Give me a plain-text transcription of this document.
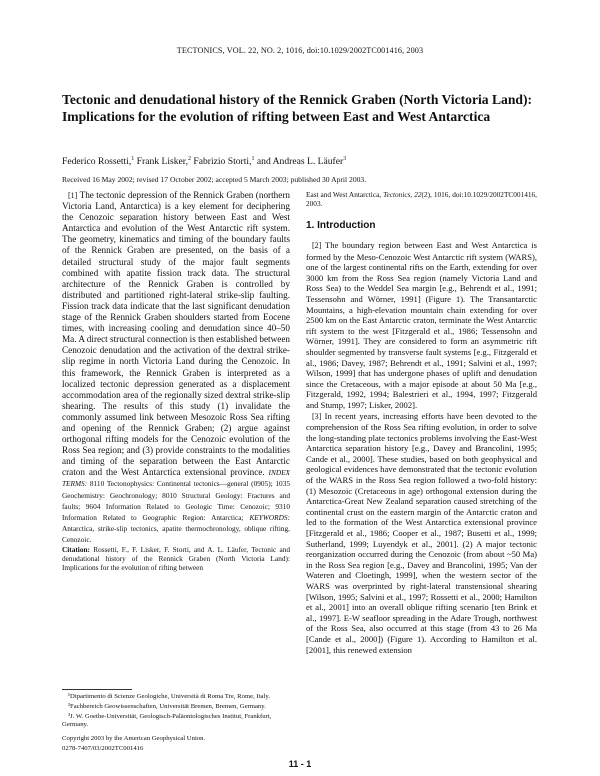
TECTONICS, VOL. 22, NO. 2, 1016, doi:10.1029/2002TC001416, 2003
Tectonic and denudational history of the Rennick Graben (North Victoria Land): Implications for the evolution of rifting between East and West Antarctica
Federico Rossetti,$^1$ Frank Lisker,$^2$ Fabrizio Storti,$^1$ and Andreas L. Läufer$^3$
Received 16 May 2002; revised 17 October 2002; accepted 5 March 2003; published 30 April 2003.

[1] The tectonic depression of the Rennick Graben (northern Victoria Land, Antarctica) is a key element for deciphering the Cenozoic separation history between East and West Antarctica and evolution of the West Antarctic rift system. The geometry, kinematics and timing of the boundary faults of the Rennick Graben are presented, on the basis of a detailed structural study of the major fault segments combined with apatite fission track data. The structural architecture of the Rennick Graben is controlled by distributed and partitioned right-lateral strike-slip faulting. Fission track data indicate that the last significant denudation stage of the Rennick Graben shoulders started from Eocene times, with increasing cooling and denudation since 40–50 Ma. A direct structural connection is then established between Cenozoic denudation and the activation of the dextral strike-slip regime in north Victoria Land during the Cenozoic. In this framework, the Rennick Graben is interpreted as a localized tectonic depression generated as a displacement accommodation area of the regionally sized dextral strike-slip shearing. The results of this study (1) invalidate the commonly assumed link between Mesozoic Ross Sea rifting and opening of the Rennick Graben; (2) argue against orthogonal rifting models for the Cenozoic evolution of the Ross Sea region; and (3) provide constraints to the modalities and timing of the separation between the East Antarctic craton and the West Antarctica extensional province. INDEX TERMS: 8110 Tectonophysics: Continental tectonics—general (0905); 1035 Geochemistry: Geochronology; 8010 Structural Geology: Fractures and faults; 9604 Information Related to Geologic Time: Cenozoic; 9310 Information Related to Geographic Region: Antarctica; KEYWORDS: Antarctica, strike-slip tectonics, apatite thermochronology, oblique rifting, Cenozoic.

Citation: Rossetti, F., F. Lisker, F. Storti, and A. L. Läufer, Tectonic and denudational history of the Rennick Graben (North Victoria Land): Implications for the evolution of rifting between

East and West Antarctica, Tectonics, 22(2), 1016, doi:10.1029/2002TC001416, 2003.

1. Introduction

[2] The boundary region between East and West Antarctica is formed by the Meso-Cenozoic West Antarctic rift system (WARS), one of the largest continental rifts on the Earth, extending for over 3000 km from the Ross Sea region (namely Victoria Land and Ross Sea) to the Weddel Sea margin [e.g., Behrendt et al., 1991; Tessensohn and Wörner, 1991] (Figure 1). The Transantarctic Mountains, a high-elevation mountain chain extending for over 2500 km on the East Antarctic craton, terminate the West Antarctic rift system to the west [Fitzgerald et al., 1986; Tessensohn and Wörner, 1991]. They are considered to form an asymmetric rift shoulder segmented by transverse fault systems [e.g., Fitzgerald et al., 1986; Davey, 1987; Behrendt et al., 1991; Salvini et al., 1997; Wilson, 1999] that has undergone phases of uplift and denudation since the Cretaceous, with a major episode at about 50 Ma [e.g., Fitzgerald, 1992, 1994; Balestrieri et al., 1994, 1997; Fitzgerald and Stump, 1997; Lisker, 2002].

[3] In recent years, increasing efforts have been devoted to the comprehension of the Ross Sea rifting evolution, in order to solve the long-standing plate tectonics problems involving the East-West Antarctica separation history [e.g., Davey and Brancolini, 1995; Cande et al., 2000]. These studies, based on both geophysical and geological evidences have demonstrated that the tectonic evolution of the WARS in the Ross Sea region followed a two-fold history: (1) Mesozoic (Cretaceous in age) orthogonal extension during the Antarctica-Great New Zealand separation caused stretching of the continental crust on the eastern margin of the Antarctic craton and led to the formation of the West Antarctica extensional province [Fitzgerald et al., 1986; Cooper et al., 1987; Busetti et al., 1999; Sutherland, 1999; Luyendyk et al., 2001]. (2) A major tectonic reorganization occurred during the Cenozoic (from about ~50 Ma) in the Ross Sea region [e.g., Davey and Brancolini, 1995; Van der Wateren and Cloetingh, 1999], when the western sector of the WARS was overprinted by right-lateral transtensional shearing [Wilson, 1995; Salvini et al., 1997; Rossetti et al., 2000; Hamilton et al., 2001] into an overall oblique rifting scenario [ten Brink et al., 1997]. E-W seafloor spreading in the Adare Trough, northwest of the Ross Sea, also occurred at this stage (from 43 to 26 Ma [Cande et al., 2000]) (Figure 1). According to Hamilton et al. [2001], this renewed extension

¹Dipartimento di Scienze Geologiche, Università di Roma Tre, Rome, Italy.

²Fachbereich Geowissenschaften, Universität Bremen, Bremen, Germany.

³J. W. Goethe-Universität, Geologisch-Paläontologisches Institut, Frankfurt, Germany.

Copyright 2003 by the American Geophysical Union.

0278-7407/03/2002TC001416

11 - 1
